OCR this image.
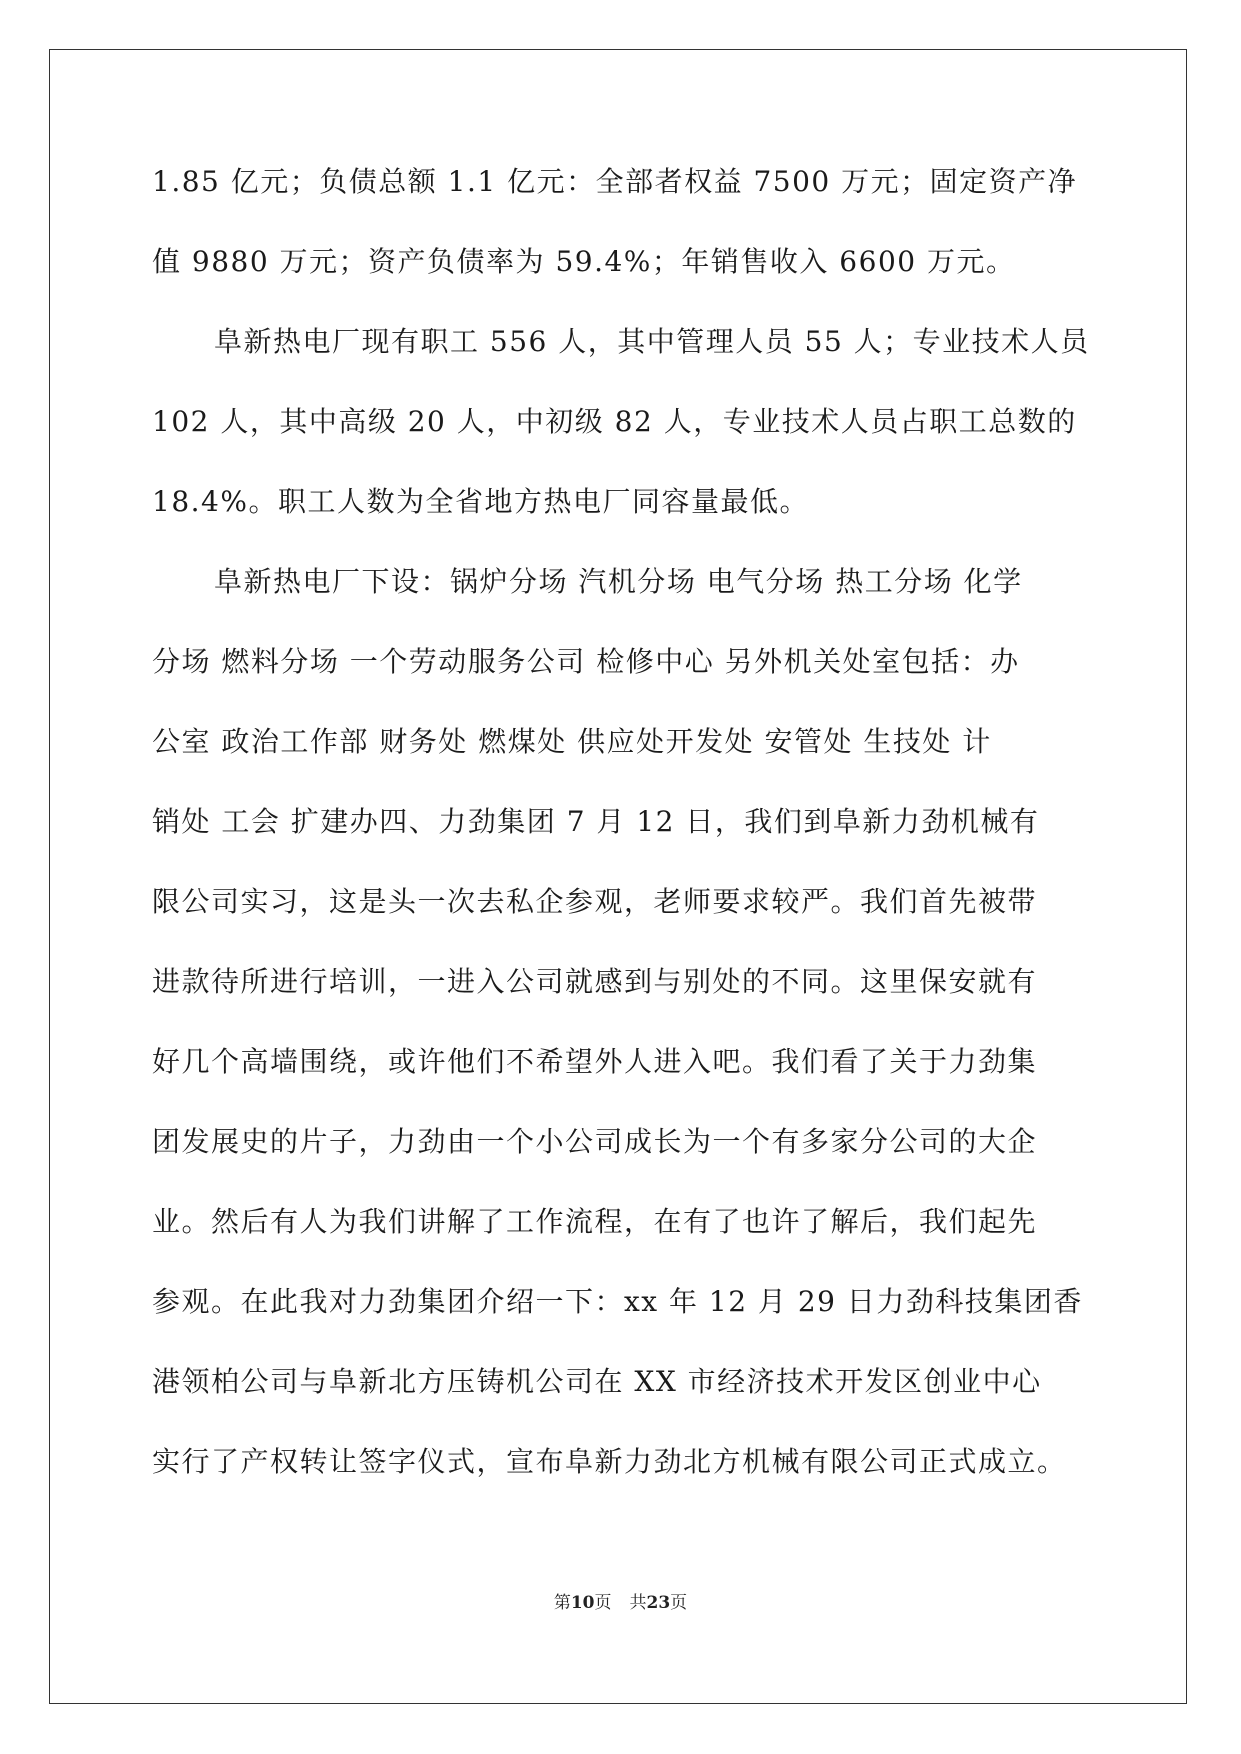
1.85 亿元；负债总额 1.1 亿元：全部者权益 7500 万元；固定资产净
值 9880 万元；资产负债率为 59.4%；年销售收入 6600 万元。
阜新热电厂现有职工 556 人，其中管理人员 55 人；专业技术人员
102 人，其中高级 20 人，中初级 82 人，专业技术人员占职工总数的
18.4%。职工人数为全省地方热电厂同容量最低。
阜新热电厂下设：锅炉分场 汽机分场 电气分场 热工分场 化学
分场 燃料分场 一个劳动服务公司 检修中心 另外机关处室包括：办
公室 政治工作部 财务处 燃煤处 供应处开发处 安管处 生技处 计
销处 工会 扩建办四、力劲集团 7 月 12 日，我们到阜新力劲机械有
限公司实习，这是头一次去私企参观，老师要求较严。我们首先被带
进款待所进行培训，一进入公司就感到与别处的不同。这里保安就有
好几个高墙围绕，或许他们不希望外人进入吧。我们看了关于力劲集
团发展史的片子，力劲由一个小公司成长为一个有多家分公司的大企
业。然后有人为我们讲解了工作流程，在有了也许了解后，我们起先
参观。在此我对力劲集团介绍一下：xx 年 12 月 29 日力劲科技集团香
港领柏公司与阜新北方压铸机公司在 XX 市经济技术开发区创业中心
实行了产权转让签字仪式，宣布阜新力劲北方机械有限公司正式成立。
第10页 共23页
